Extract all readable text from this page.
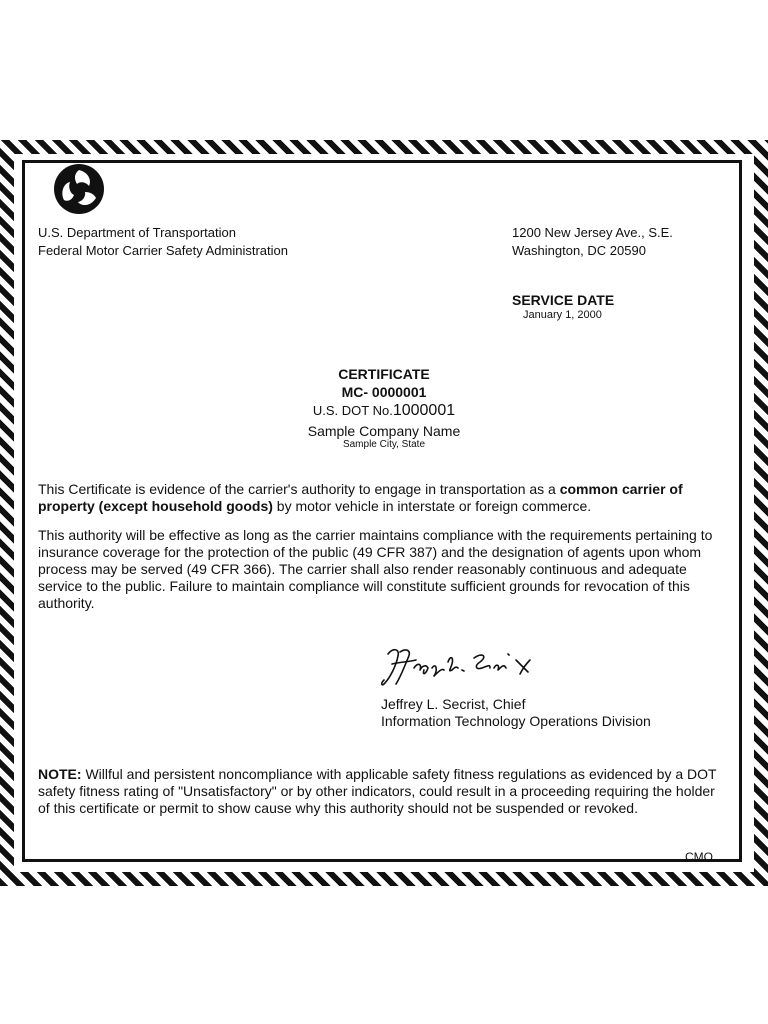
U.S. Department of Transportation
Federal Motor Carrier Safety Administration
1200 New Jersey Ave., S.E.
Washington, DC 20590
SERVICE DATE
January 1, 2000
CERTIFICATE
MC- 0000001
U.S. DOT No.1000001
Sample Company Name
Sample City, State
This Certificate is evidence of the carrier's authority to engage in transportation as a common carrier of property (except household goods) by motor vehicle in interstate or foreign commerce.
This authority will be effective as long as the carrier maintains compliance with the requirements pertaining to insurance coverage for the protection of the public (49 CFR 387) and the designation of agents upon whom process may be served (49 CFR 366). The carrier shall also render reasonably continuous and adequate service to the public. Failure to maintain compliance will constitute sufficient grounds for revocation of this authority.
Jeffrey L. Secrist, Chief
Information Technology Operations Division
NOTE: Willful and persistent noncompliance with applicable safety fitness regulations as evidenced by a DOT safety fitness rating of "Unsatisfactory" or by other indicators, could result in a proceeding requiring the holder of this certificate or permit to show cause why this authority should not be suspended or revoked.
CMO
